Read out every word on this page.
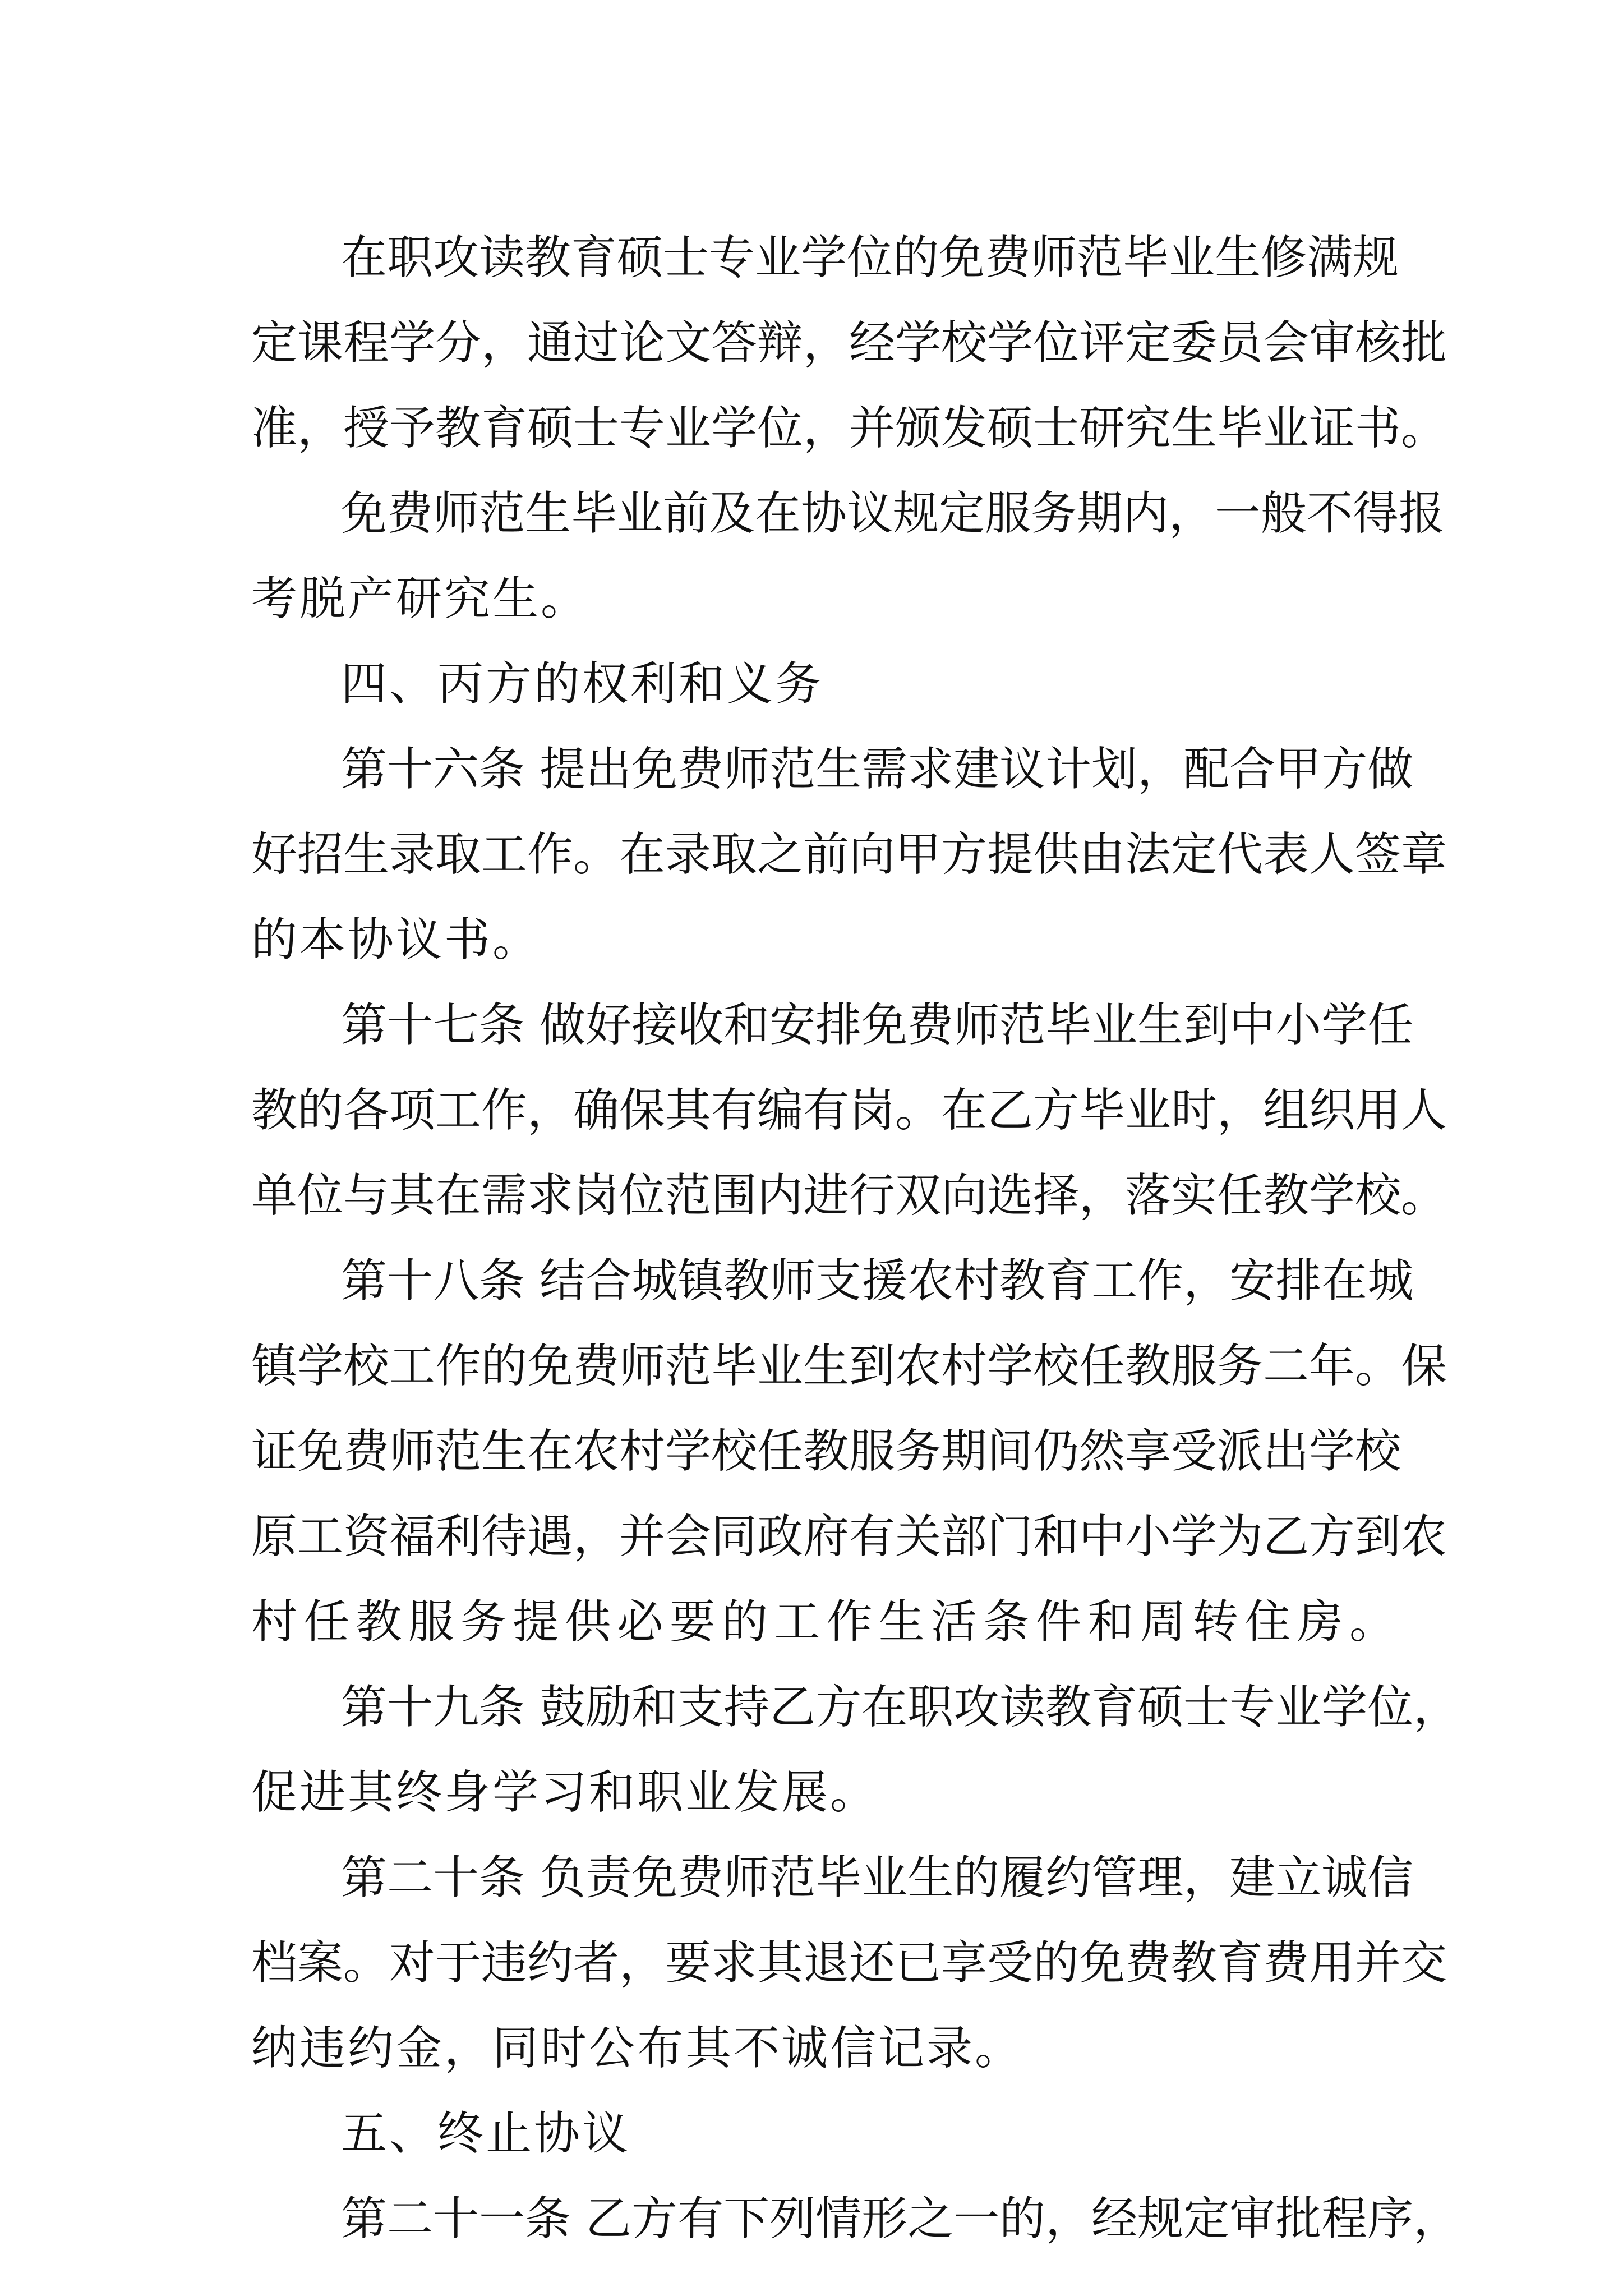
在职攻读教育硕士专业学位的免费师范毕业生修满规
定课程学分，通过论文答辩，经学校学位评定委员会审核批
准，授予教育硕士专业学位，并颁发硕士研究生毕业证书。
免费师范生毕业前及在协议规定服务期内，一般不得报
考脱产研究生。
四、丙方的权利和义务
第十六条 提出免费师范生需求建议计划，配合甲方做
好招生录取工作。在录取之前向甲方提供由法定代表人签章
的本协议书。
第十七条 做好接收和安排免费师范毕业生到中小学任
教的各项工作，确保其有编有岗。在乙方毕业时，组织用人
单位与其在需求岗位范围内进行双向选择，落实任教学校。
第十八条 结合城镇教师支援农村教育工作，安排在城
镇学校工作的免费师范毕业生到农村学校任教服务二年。保
证免费师范生在农村学校任教服务期间仍然享受派出学校
原工资福利待遇，并会同政府有关部门和中小学为乙方到农
村任教服务提供必要的工作生活条件和周转住房。
第十九条 鼓励和支持乙方在职攻读教育硕士专业学位，
促进其终身学习和职业发展。
第二十条 负责免费师范毕业生的履约管理，建立诚信
档案。对于违约者，要求其退还已享受的免费教育费用并交
纳违约金，同时公布其不诚信记录。
五、终止协议
第二十一条 乙方有下列情形之一的，经规定审批程序，
